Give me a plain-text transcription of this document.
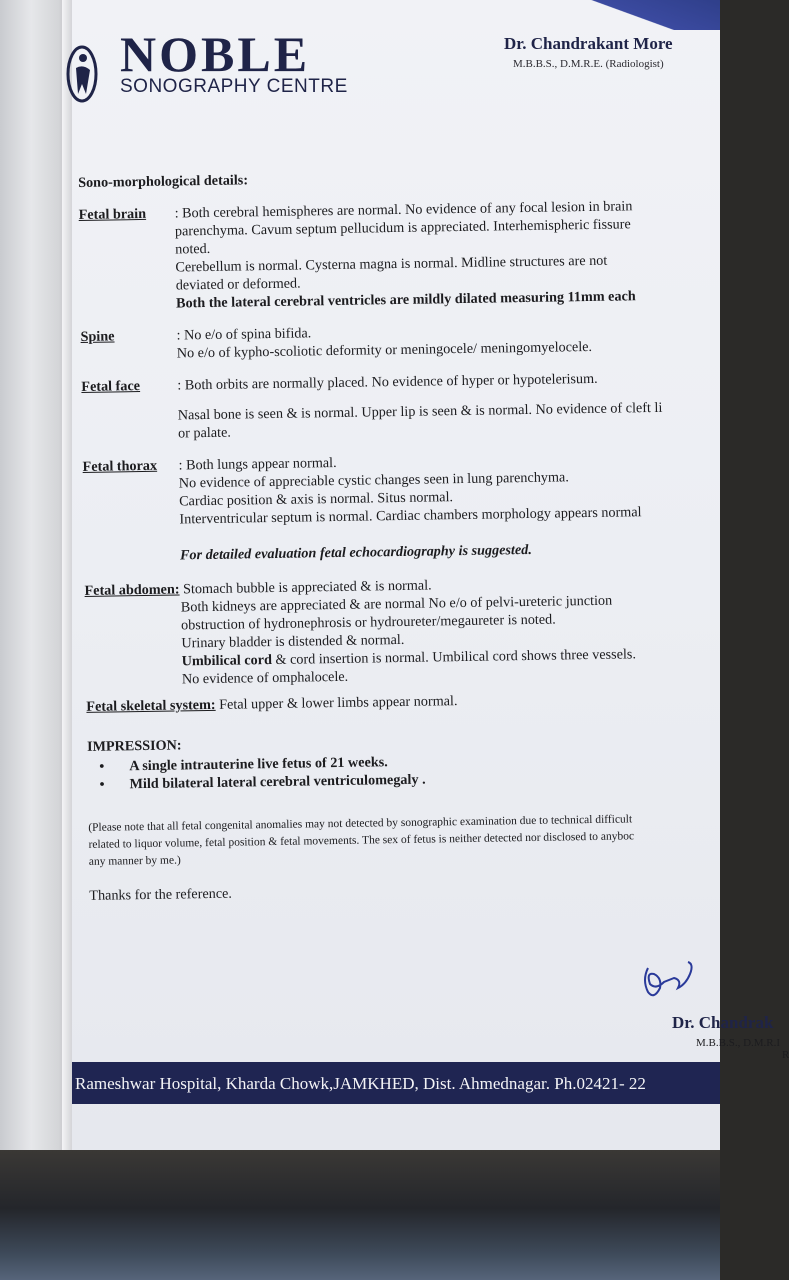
NOBLE
SONOGRAPHY CENTRE
Dr. Chandrakant More
M.B.B.S., D.M.R.E. (Radiologist)
Sono-morphological details:
Fetal brain	: Both cerebral hemispheres are normal. No evidence of any focal lesion in brain

parenchyma. Cavum septum pellucidum is appreciated. Interhemispheric fissure

noted.

Cerebellum is normal. Cysterna magna is normal. Midline structures are not

deviated or deformed.

Both the lateral cerebral ventricles are mildly dilated measuring 11mm each

Spine	: No e/o of spina bifida.

No e/o of kypho-scoliotic deformity or meningocele/ meningomyelocele.

Fetal face	: Both orbits are normally placed. No evidence of hyper or hypotelerisum.

Nasal bone is seen & is normal. Upper lip is seen & is normal. No evidence of cleft li

or palate.

Fetal thorax	: Both lungs appear normal.

No evidence of appreciable cystic changes seen in lung parenchyma.

Cardiac position & axis is normal. Situs normal.

Interventricular septum is normal. Cardiac chambers morphology appears normal

For detailed evaluation fetal echocardiography is suggested.

Fetal abdomen: Stomach bubble is appreciated & is normal.

Both kidneys are appreciated & are normal No e/o of pelvi-ureteric junction

obstruction of hydronephrosis or hydroureter/megaureter is noted.

Urinary bladder is distended & normal.

Umbilical cord & cord insertion is normal. Umbilical cord shows three vessels.

No evidence of omphalocele.

Fetal skeletal system: Fetal upper & lower limbs appear normal.

IMPRESSION:
• A single intrauterine live fetus of 21 weeks.
• Mild bilateral lateral cerebral ventriculomegaly .
(Please note that all fetal congenital anomalies may not detected by sonographic examination due to technical difficult
related to liquor volume, fetal position & fetal movements. The sex of fetus is neither detected nor disclosed to anyboc
any manner by me.)
Thanks for the reference.
Dr. Chandrak
M.B.B.S., D.M.R.I
R
Rameshwar Hospital, Kharda Chowk,JAMKHED, Dist. Ahmednagar. Ph.02421- 22
